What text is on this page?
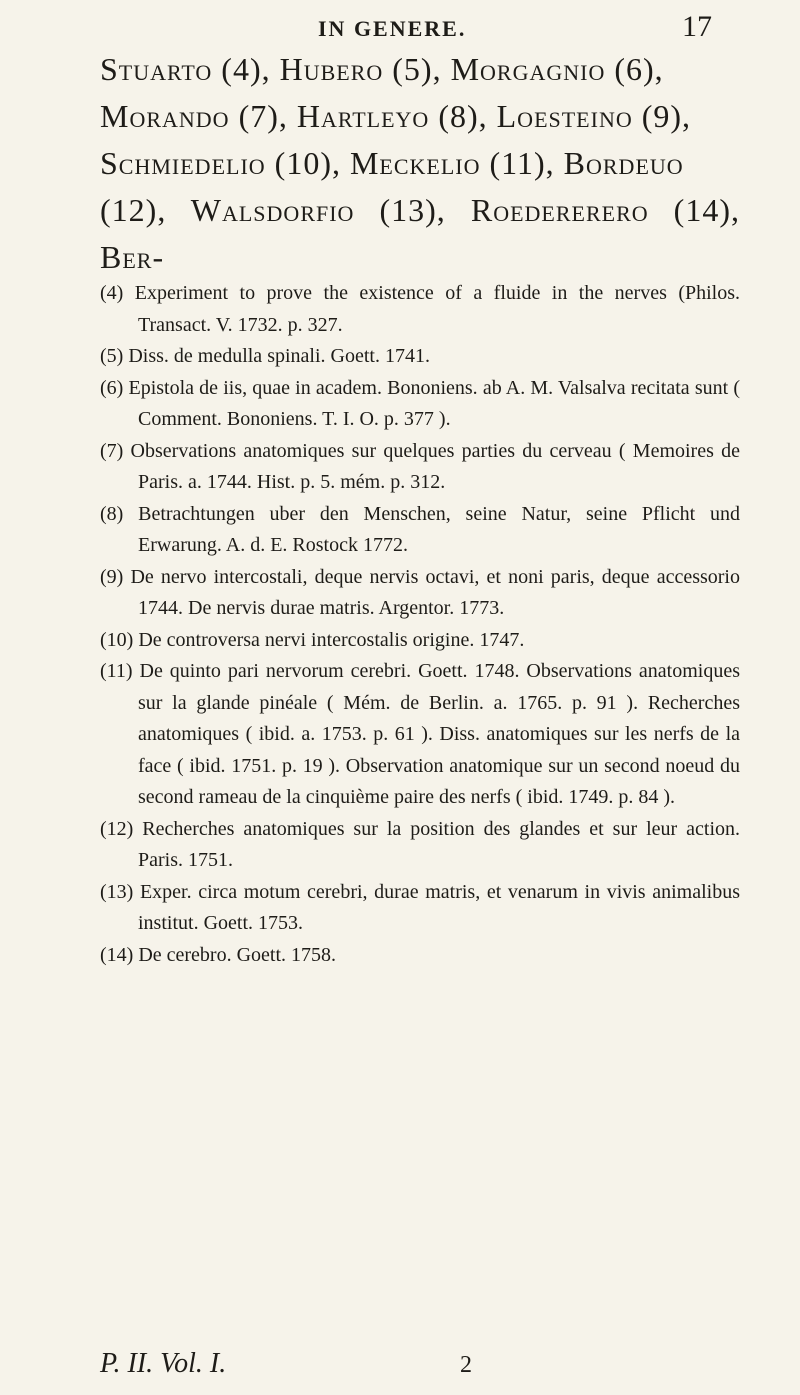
IN GENERE.	17
Stuarto (4), Hubero (5), Morgagnio (6),
Morando (7), Hartleyo (8), Loesteino (9),
Schmiedelio (10), Meckelio (11), Bordeuo
(12), Walsdorfio (13), Roedererero (14), Ber-

(4) Experiment to prove the existence of a fluide in the nerves (Philos. Transact. V. 1732. p. 327.

(5) Diss. de medulla spinali. Goett. 1741.

(6) Epistola de iis, quae in academ. Bononiens. ab A. M. Valsalva recitata sunt ( Comment. Bononiens. T. I. O. p. 377 ).

(7) Observations anatomiques sur quelques parties du cerveau ( Memoires de Paris. a. 1744. Hist. p. 5. mém. p. 312.

(8) Betrachtungen uber den Menschen, seine Natur, seine Pflicht und Erwarung. A. d. E. Rostock 1772.

(9) De nervo intercostali, deque nervis octavi, et noni paris, deque accessorio 1744. De nervis durae matris. Argentor. 1773.

(10) De controversa nervi intercostalis origine. 1747.

(11) De quinto pari nervorum cerebri. Goett. 1748. Observations anatomiques sur la glande pinéale ( Mém. de Berlin. a. 1765. p. 91 ). Recherches anatomiques ( ibid. a. 1753. p. 61 ). Diss. anatomiques sur les nerfs de la face ( ibid. 1751. p. 19 ). Observation anatomique sur un second noeud du second rameau de la cinquième paire des nerfs ( ibid. 1749. p. 84 ).

(12) Recherches anatomiques sur la position des glandes et sur leur action. Paris. 1751.

(13) Exper. circa motum cerebri, durae matris, et venarum in vivis animalibus institut. Goett. 1753.

(14) De cerebro. Goett. 1758.

P. II. Vol. I.	2
